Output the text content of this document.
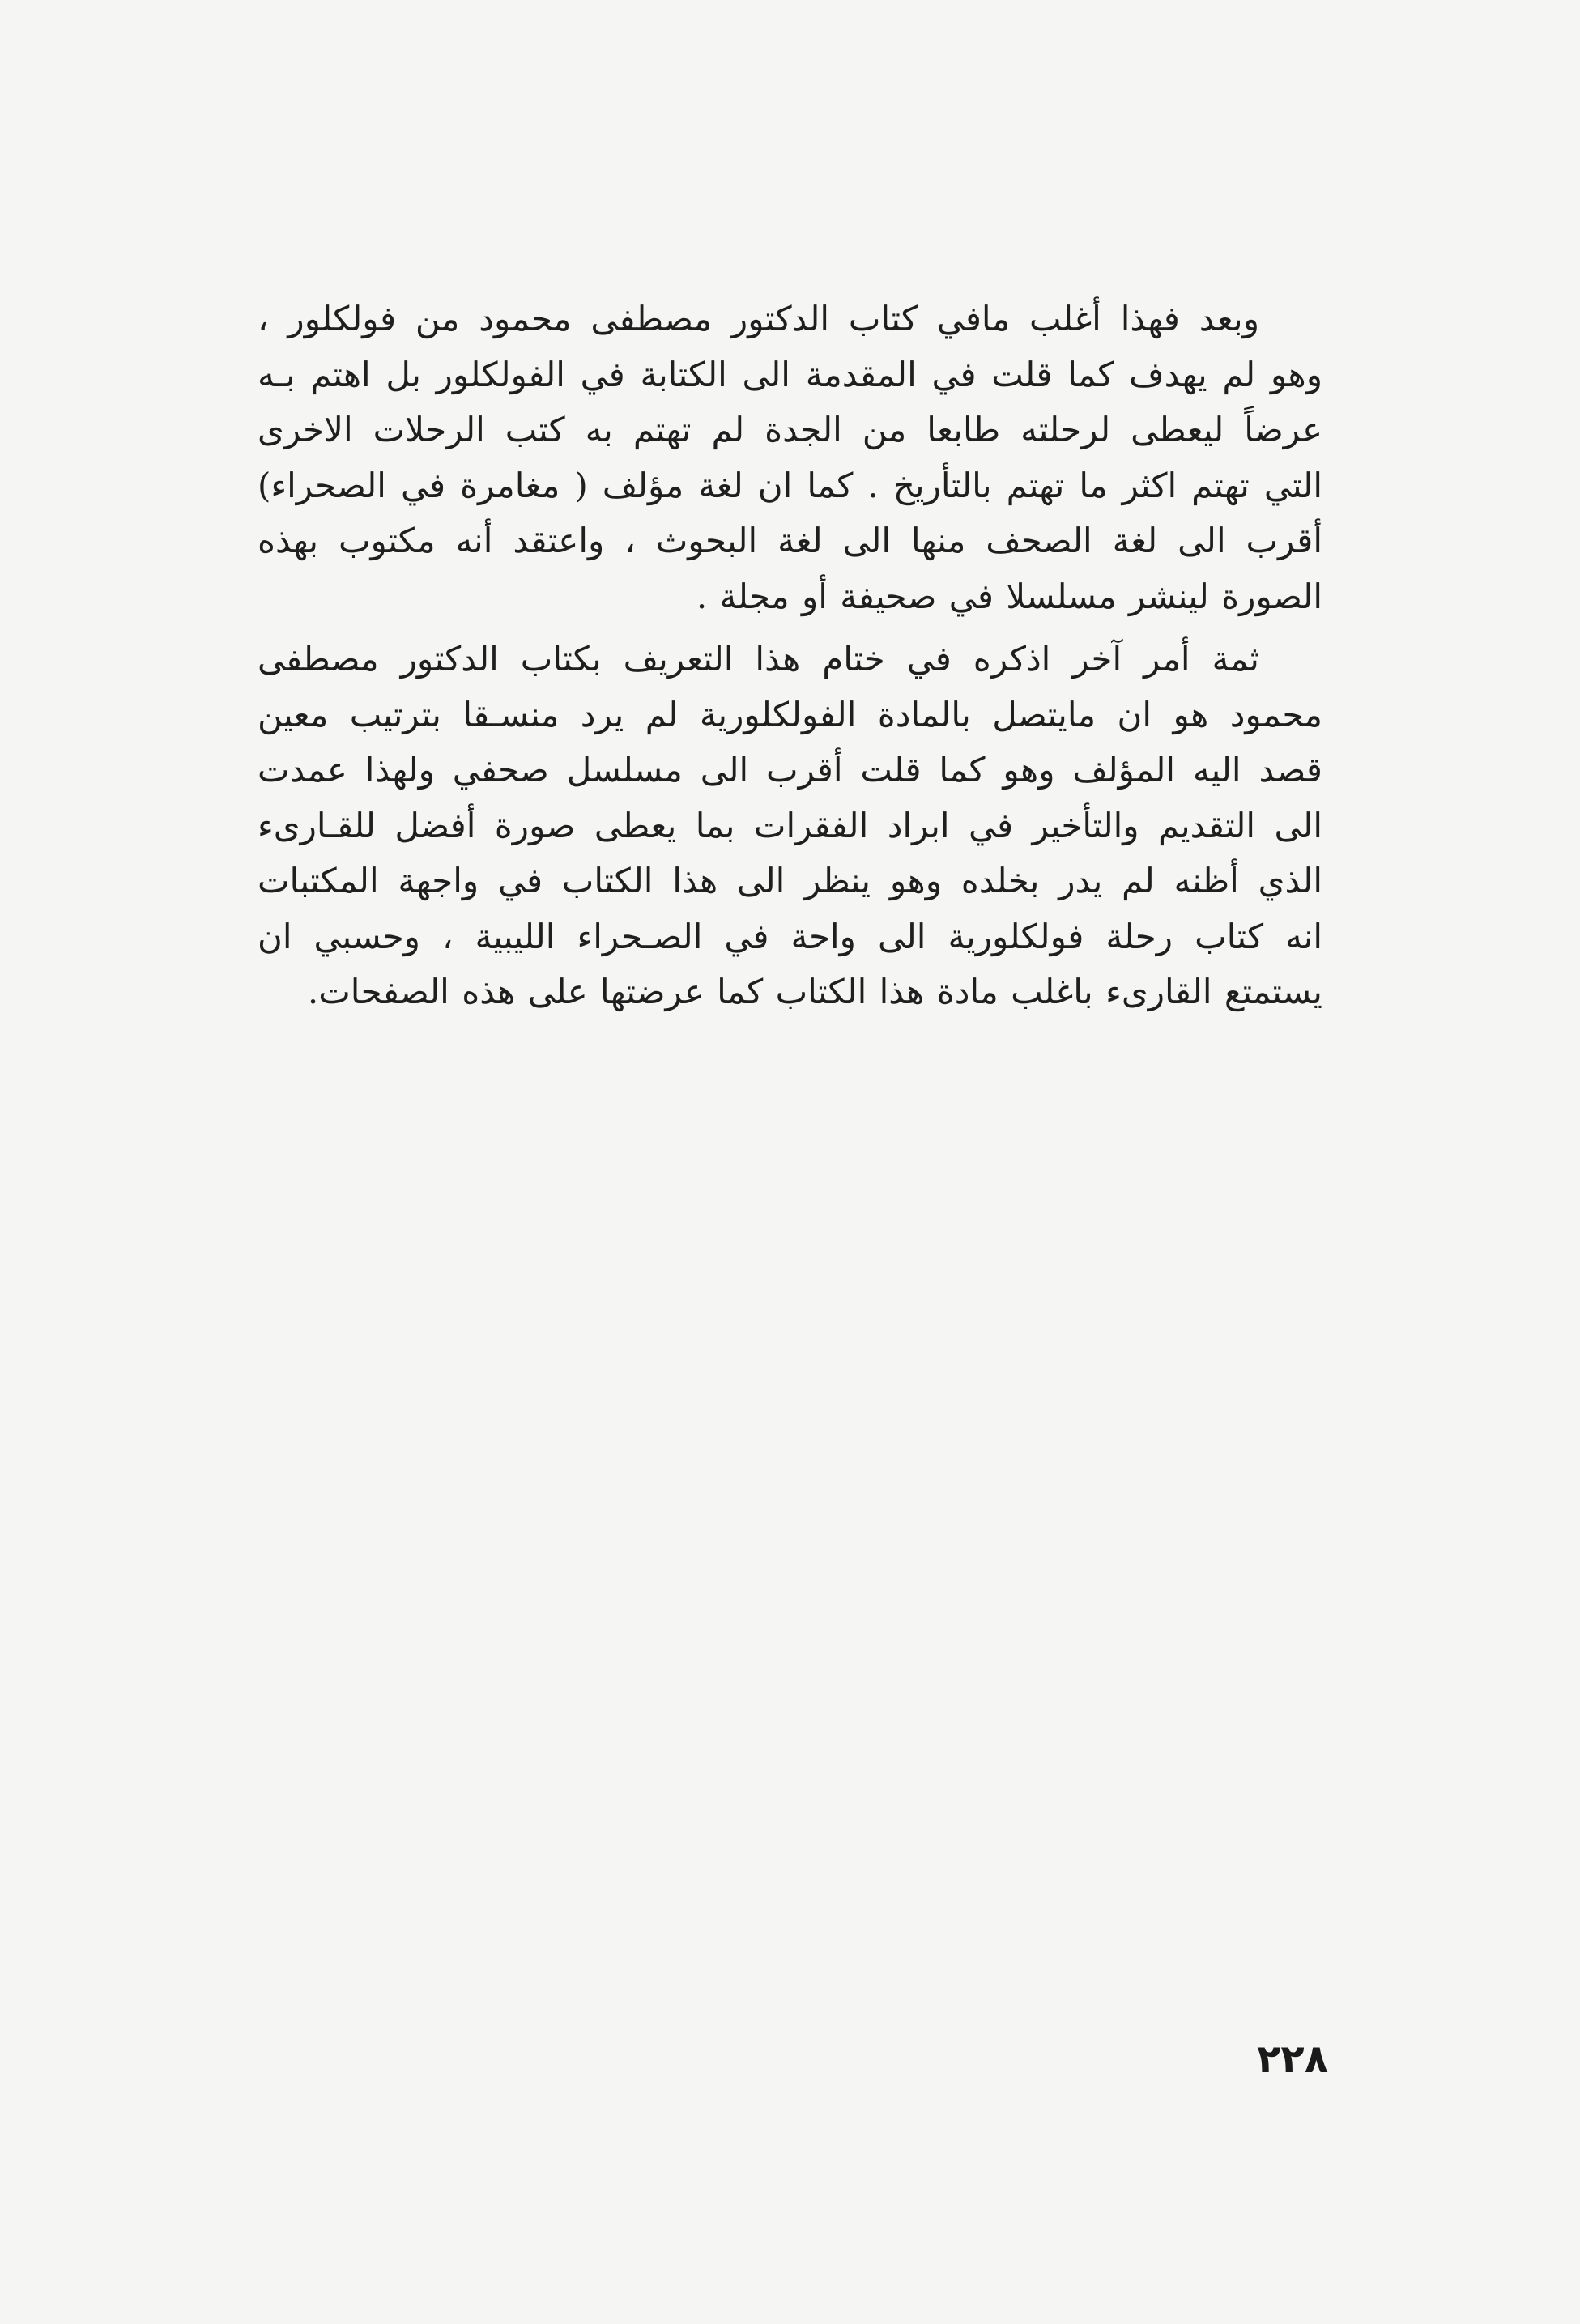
وبعد فهذا أغلب مافي كتاب الدكتور مصطفى محمود من فولكلور ،
وهو لم يهدف كما قلت في المقدمة الى الكتابة في الفولكلور بل اهتم بـه
عرضاً ليعطى لرحلته طابعا من الجدة لم تهتم به كتب الرحلات الاخرى
التي تهتم اكثر ما تهتم بالتأريخ . كما ان لغة مؤلف ( مغامرة في الصحراء)
أقرب الى لغة الصحف منها الى لغة البحوث ، واعتقد أنه مكتوب بهذه
الصورة لينشر مسلسلا في صحيفة أو مجلة .
ثمة أمر آخر اذكره في ختام هذا التعريف بكتاب الدكتور مصطفى
محمود هو ان مايتصل بالمادة الفولكلورية لم يرد منسـقا بترتيب معين
قصد اليه المؤلف وهو كما قلت أقرب الى مسلسل صحفي ولهذا عمدت
الى التقديم والتأخير في ابراد الفقرات بما يعطى صورة أفضل للقـارىء
الذي أظنه لم يدر بخلده وهو ينظر الى هذا الكتاب في واجهة المكتبات
انه كتاب رحلة فولكلورية الى واحة في الصـحراء الليبية ، وحسبي ان
يستمتع القارىء باغلب مادة هذا الكتاب كما عرضتها على هذه الصفحات.
٢٢٨
